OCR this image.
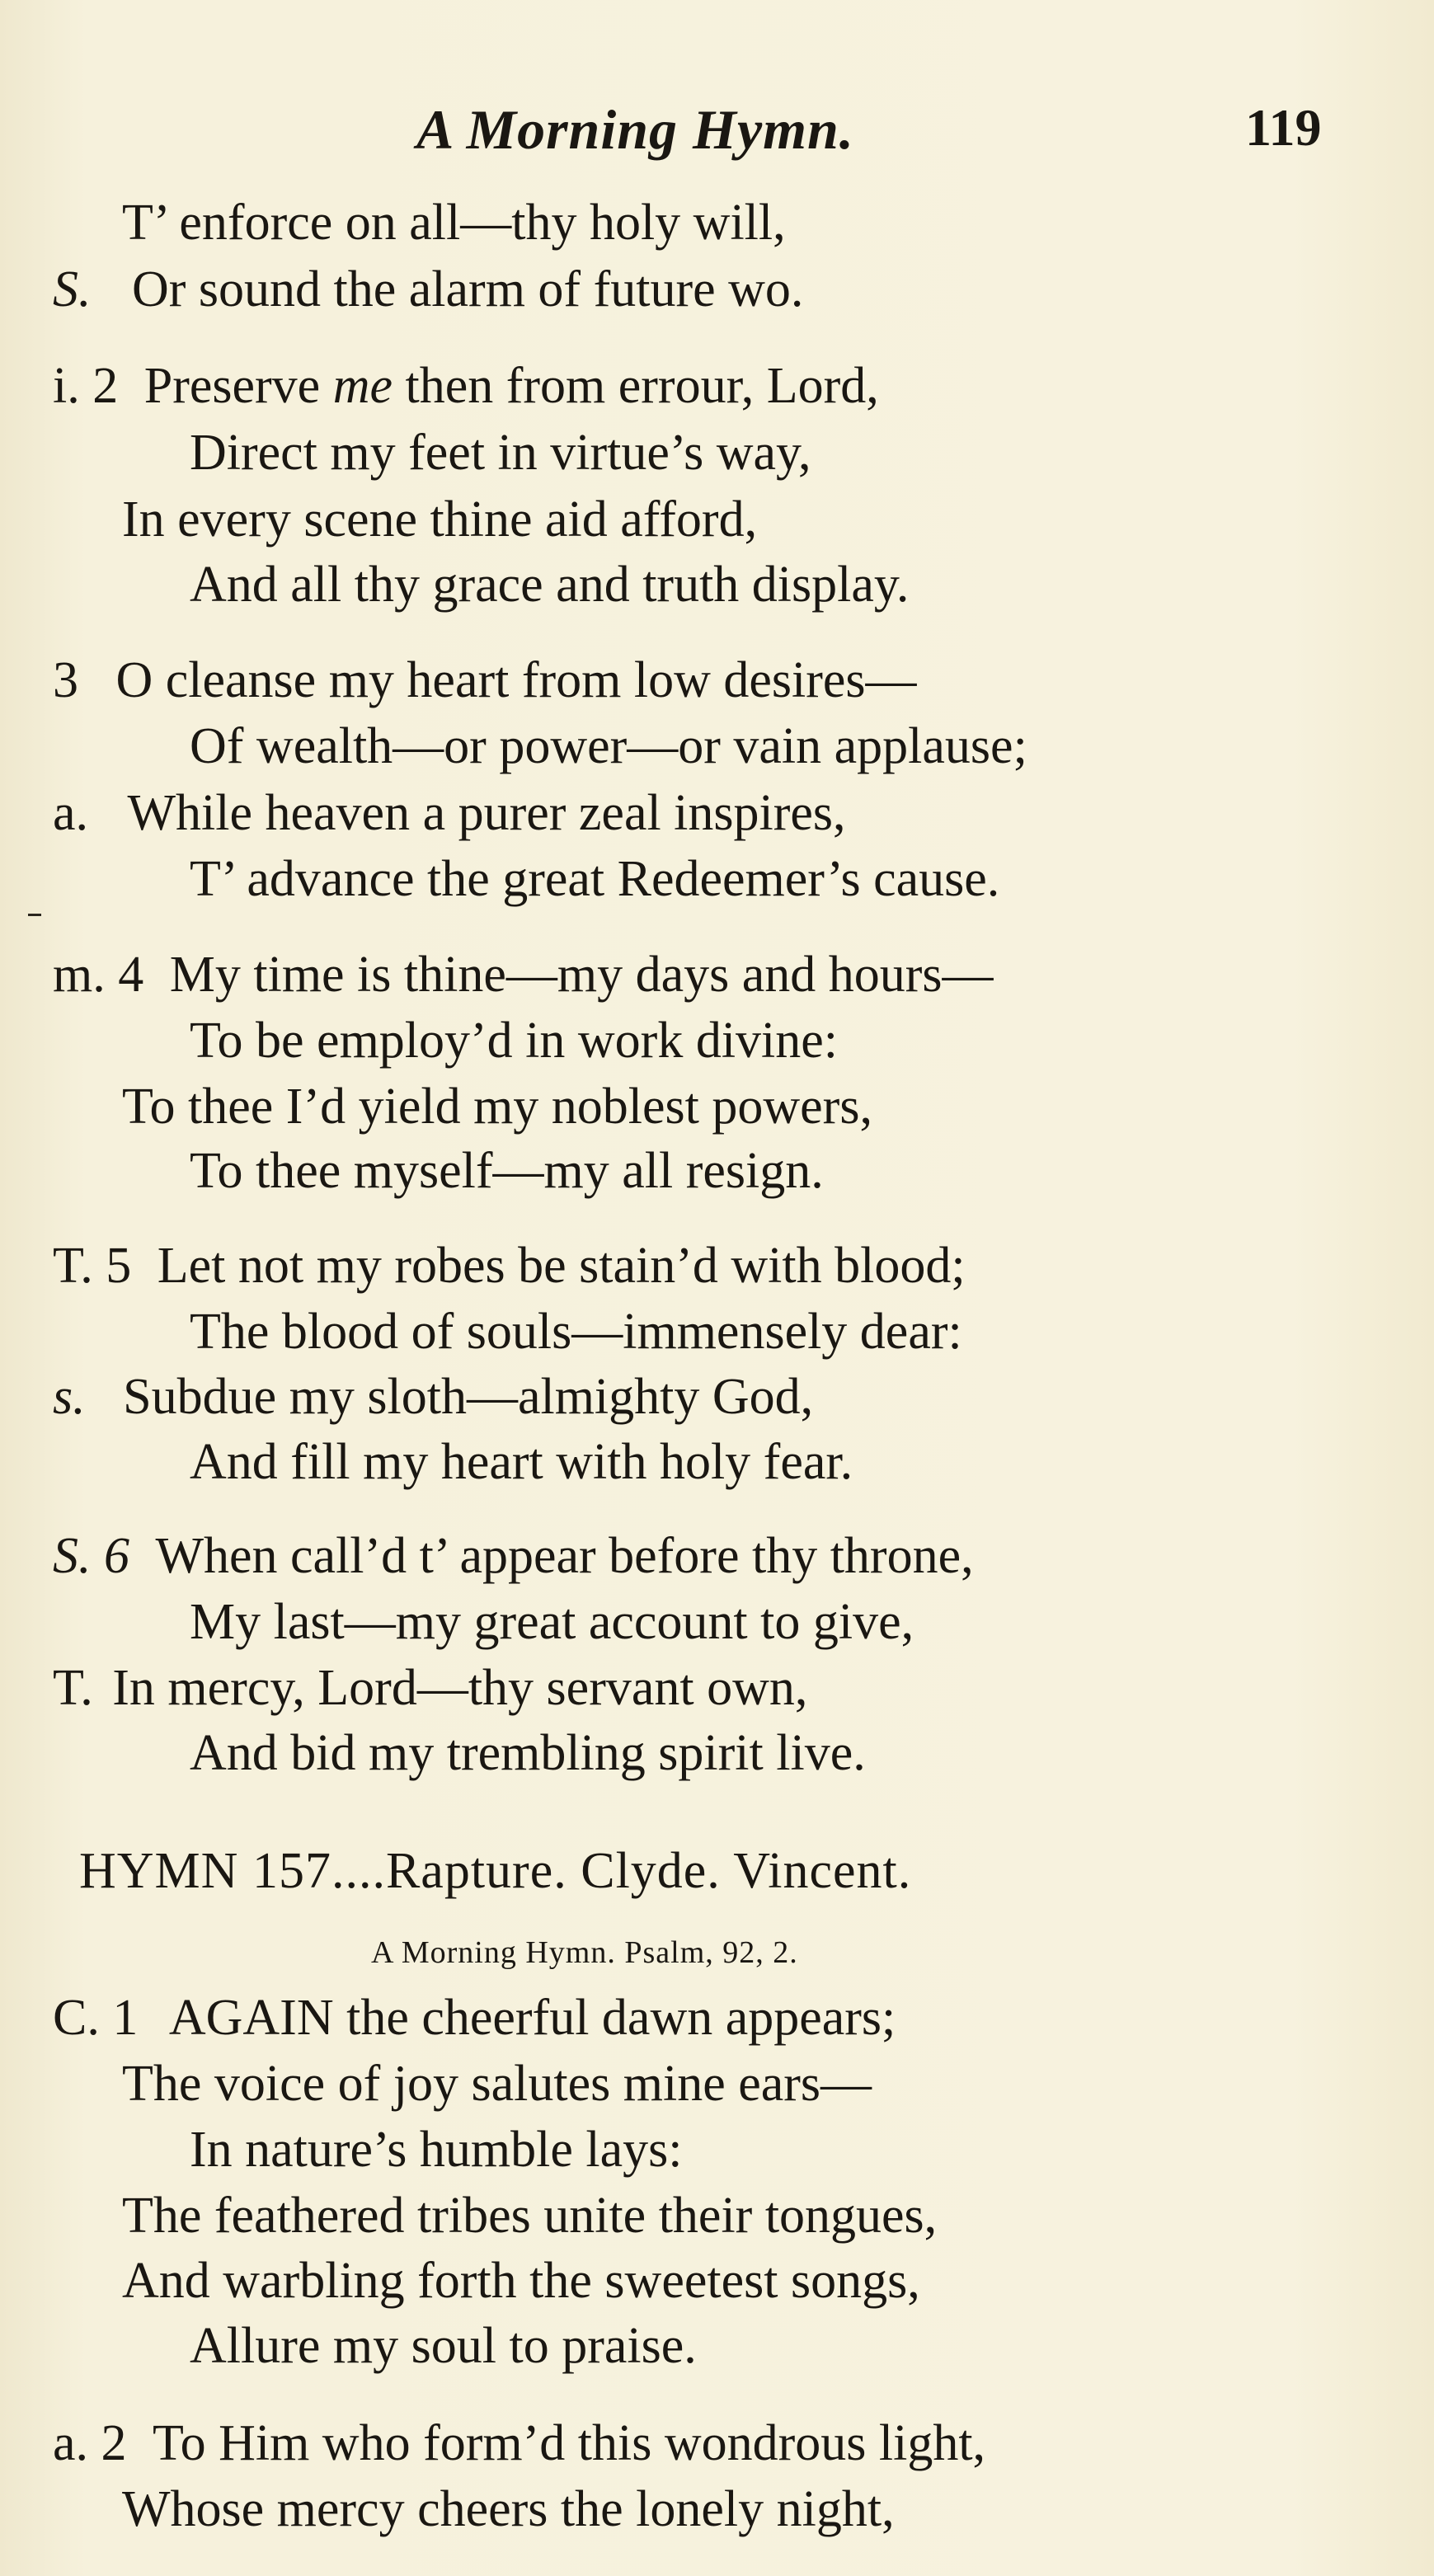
A Morning Hymn.	119
T’ enforce on all—thy holy will,
S. Or sound the alarm of future wo.
i. 2 Preserve me then from errour, Lord,
Direct my feet in virtue’s way,
In every scene thine aid afford,
And all thy grace and truth display.
3 O cleanse my heart from low desires—
Of wealth—or power—or vain applause;
a. While heaven a purer zeal inspires,
T’ advance the great Redeemer’s cause.
m. 4 My time is thine—my days and hours—
To be employ’d in work divine:
To thee I’d yield my noblest powers,
To thee myself—my all resign.
T. 5 Let not my robes be stain’d with blood;
The blood of souls—immensely dear:
s. Subdue my sloth—almighty God,
And fill my heart with holy fear.
S. 6 When call’d t’ appear before thy throne,
My last—my great account to give,
T. In mercy, Lord—thy servant own,
And bid my trembling spirit live.
HYMN 157....Rapture. Clyde. Vincent.
A Morning Hymn. Psalm, 92, 2.
C. 1 AGAIN the cheerful dawn appears;
The voice of joy salutes mine ears—
In nature’s humble lays:
The feathered tribes unite their tongues,
And warbling forth the sweetest songs,
Allure my soul to praise.
a. 2 To Him who form’d this wondrous light,
Whose mercy cheers the lonely night,
